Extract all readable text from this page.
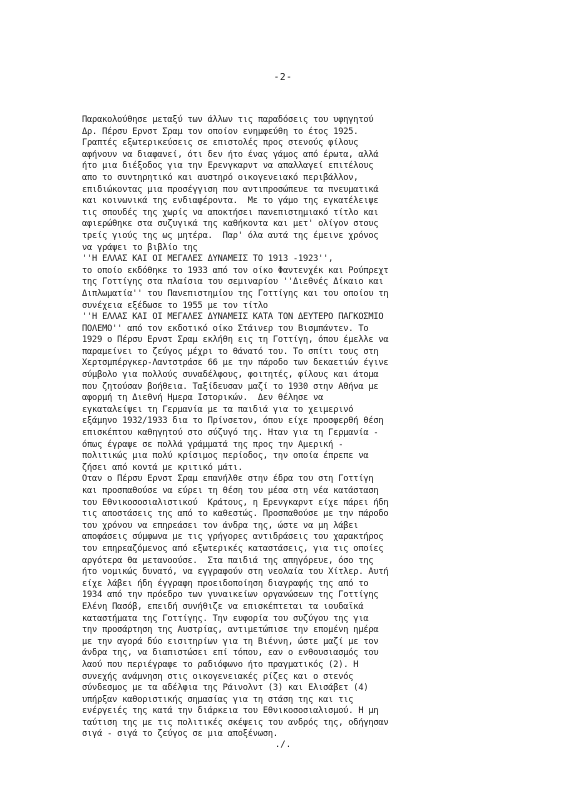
-2-
Παρακολούθησε μεταξύ των άλλων τις παραδόσεις του υφηγητού
Δρ. Πέρσυ Ερνστ Σραμ τον οποίον ενημφεύθη το έτος 1925.
Γραπτές εξωτερικεύσεις σε επιστολές προς στενούς φίλους
αφήνουν να διαφανεί, ότι δεν ήτο ένας γάμος από έρωτα, αλλά
ήτο μια διέξοδος για την Ερενγκαρντ να απαλλαγεί επιτέλους
απο το συντηρητικό και αυστηρό οικογενειακό περιβάλλον,
επιδιώκοντας μια προσέγγιση που αντιπροσώπευε τα πνευματικά
και κοινωνικά της ενδιαφέροντα.  Με το γάμο της εγκατέλειψε
τις σπουδές της χωρίς να αποκτήσει πανεπιστημιακό τίτλο και
αφιερώθηκε στα συζυγικά της καθήκοντα και μετ' ολίγον στους
τρείς γιούς της ως μητέρα.  Παρ' όλα αυτά της έμεινε χρόνος
να γράψει το βιβλίο της
''Η ΕΛΛΑΣ ΚΑΙ ΟΙ ΜΕΓΑΛΕΣ ΔΥΝΑΜΕΙΣ ΤΟ 1913 -1923'',
το οποίο εκδόθηκε το 1933 από τον οίκο Φαντενχέκ και Ρούπρεχτ
της Γοττίγης στα πλαίσια του σεμιναρίου ''Διεθνές Δίκαιο και
Διπλωματία'' του Πανεπιστημίου της Γοττίγης και του οποίου τη
συνέχεια εξέδωσε το 1955 με τον τίτλο
''Η ΕΛΛΑΣ ΚΑΙ ΟΙ ΜΕΓΑΛΕΣ ΔΥΝΑΜΕΙΣ ΚΑΤΑ ΤΟΝ ΔΕΥΤΕΡΟ ΠΑΓΚΟΣΜΙΟ
ΠΟΛΕΜΟ'' από τον εκδοτικό οίκο Στάινερ του Βισμπάντεν. Το
1929 ο Πέρσυ Ερνστ Σραμ εκλήθη εις τη Γοττίγη, όπου έμελλε να
παραμείνει το ζεύγος μέχρι το θάνατό του. Το σπίτι τους στη
Χερτσμπέργκερ-Λαντστράσε 66 με την πάροδο των δεκαετιών έγινε
σύμβολο για πολλούς συναδέλφους, φοιτητές, φίλους και άτομα
που ζητούσαν βοήθεια. Ταξίδευσαν μαζί το 1930 στην Αθήνα με
αφορμή τη Διεθνή Ημερα Ιστορικών.  Δεν θέλησε να
εγκαταλείψει τη Γερμανία με τα παιδιά για το χειμερινό
εξάμηνο 1932/1933 δια το Πρίνσετον, όπου είχε προσφερθή θέση
επισκέπτου καθηγητού στο σύζυγό της. Ηταν για τη Γερμανία -
όπως έγραψε σε πολλά γράμματά της προς την Αμερική -
πολιτικώς μια πολύ κρίσιμος περίοδος, την οποία έπρεπε να
ζήσει από κοντά με κριτικό μάτι.
Οταν ο Πέρσυ Ερνστ Σραμ επανήλθε στην έδρα του στη Γοττίγη
και προσπαθούσε να εύρει τη θέση του μέσα στη νέα κατάσταση
του Εθνικοσοσιαλιστικού  Κράτους, η Ερενγκαρντ είχε πάρει ήδη
τις αποστάσεις της από το καθεστώς. Προσπαθούσε με την πάροδο
του χρόνου να επηρεάσει τον άνδρα της, ώστε να μη λάβει
αποφάσεις σύμφωνα με τις γρήγορες αντιδράσεις του χαρακτήρος
του επηρεαζόμενος από εξωτερικές καταστάσεις, για τις οποίες
αργότερα θα μετανοούσε.  Στα παιδιά της απηγόρευε, όσο της
ήτο νομικώς δυνατό, να εγγραφούν στη νεολαία του Χίτλερ. Αυτή
είχε λάβει ήδη έγγραφη προειδοποίηση διαγραφής της από το
1934 από την πρόεδρο των γυναικείων οργανώσεων της Γοττίγης
Ελένη Πασόβ, επειδή συνήθιζε να επισκέπτεται τα ιουδαϊκά
καταστήματα της Γοττίγης. Την ευφορία του συζύγου της για
την προσάρτηση της Αυστρίας, αντιμετώπισε την επομένη ημέρα
με την αγορά δύο εισιτηρίων για τη Βιέννη, ώστε μαζί με τον
άνδρα της, να διαπιστώσει επί τόπου, εαν ο ενθουσιασμός του
λαού που περιέγραφε το ραδιόφωνο ήτο πραγματικός (2). Η
συνεχής ανάμνηση στις οικογενειακές ρίζες και ο στενός
σύνδεσμος με τα αδέλφια της Ράινολντ (3) και Ελισάβετ (4)
υπήρξαν καθοριστικής σημασίας για τη στάση της και τις
ενέργειές της κατά την διάρκεια του Εθνικοσοσιαλισμού. Η μη
ταύτιση της με τις πολιτικές σκέψεις του ανδρός της, οδήγησαν
σιγά - σιγά το ζεύγος σε μια αποξένωση.
./.
